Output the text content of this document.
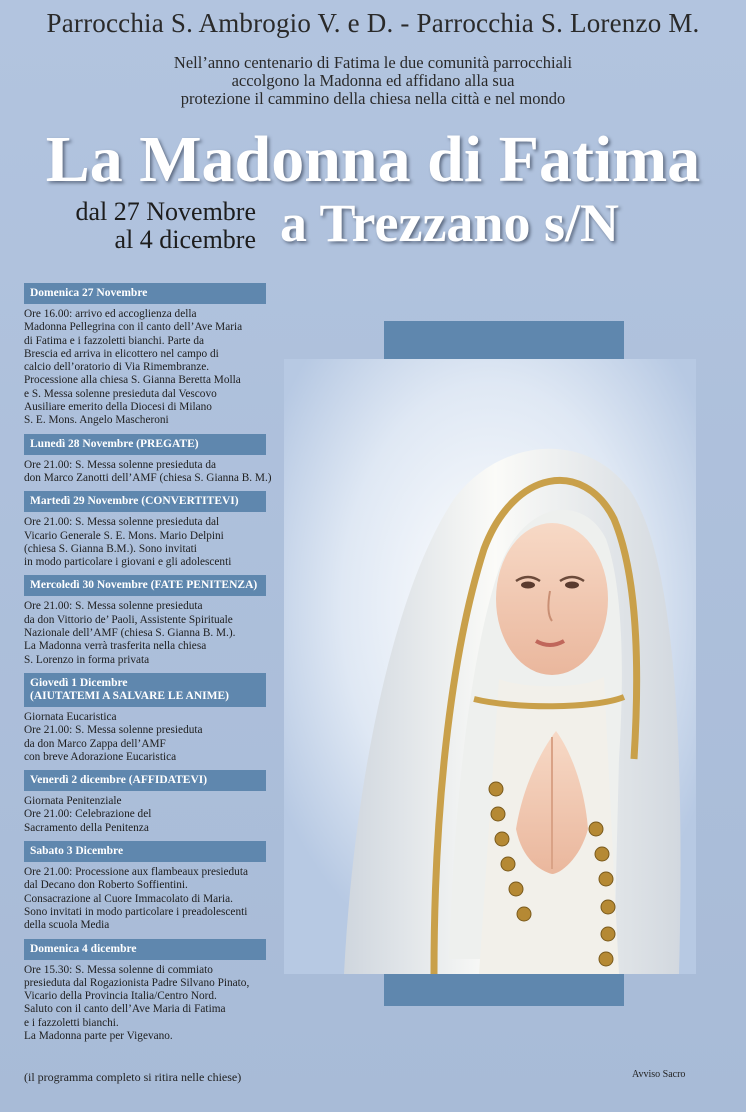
Parrocchia S. Ambrogio V. e D. - Parrocchia S. Lorenzo M.
Nell’anno centenario di Fatima le due comunità parrocchiali
accolgono la Madonna ed affidano alla sua
protezione il cammino della chiesa nella città e nel mondo
La Madonna di Fatima
dal 27 Novembre
al 4 dicembre a Trezzano s/N
Domenica 27 Novembre
Ore 16.00: arrivo ed accoglienza della
Madonna Pellegrina con il canto dell’Ave Maria
di Fatima e i fazzoletti bianchi. Parte da
Brescia ed arriva in elicottero nel campo di
calcio dell’oratorio di Via Rimembranze.
Processione alla chiesa S. Gianna Beretta Molla
e S. Messa solenne presieduta dal Vescovo
Ausiliare emerito della Diocesi di Milano
S. E. Mons. Angelo Mascheroni
Lunedì 28 Novembre (PREGATE)
Ore 21.00: S. Messa solenne presieduta da
don Marco Zanotti dell’AMF (chiesa S. Gianna B. M.)
Martedì 29 Novembre (CONVERTITEVI)
Ore 21.00: S. Messa solenne presieduta dal
Vicario Generale S. E. Mons. Mario Delpini
(chiesa S. Gianna B.M.). Sono invitati
in modo particolare i giovani e gli adolescenti
Mercoledì 30 Novembre (FATE PENITENZA)
Ore 21.00: S. Messa solenne presieduta
da don Vittorio de’ Paoli, Assistente Spirituale
Nazionale dell’AMF (chiesa S. Gianna B. M.).
La Madonna verrà trasferita nella chiesa
S. Lorenzo in forma privata
Giovedì 1 Dicembre
(AIUTATEMI A SALVARE LE ANIME)
Giornata Eucaristica
Ore 21.00: S. Messa solenne presieduta
da don Marco Zappa dell’AMF
con breve Adorazione Eucaristica
Venerdì 2 dicembre (AFFIDATEVI)
Giornata Penitenziale
Ore 21.00: Celebrazione del
Sacramento della Penitenza
Sabato 3 Dicembre
Ore 21.00: Processione aux flambeaux presieduta
dal Decano don Roberto Soffientini.
Consacrazione al Cuore Immacolato di Maria.
Sono invitati in modo particolare i preadolescenti
della scuola Media
Domenica 4 dicembre
Ore 15.30: S. Messa solenne di commiato
presieduta dal Rogazionista Padre Silvano Pinato,
Vicario della Provincia Italia/Centro Nord.
Saluto con il canto dell’Ave Maria di Fatima
e i fazzoletti bianchi.
La Madonna parte per Vigevano.
(il programma completo si ritira nelle chiese)	Avviso Sacro
